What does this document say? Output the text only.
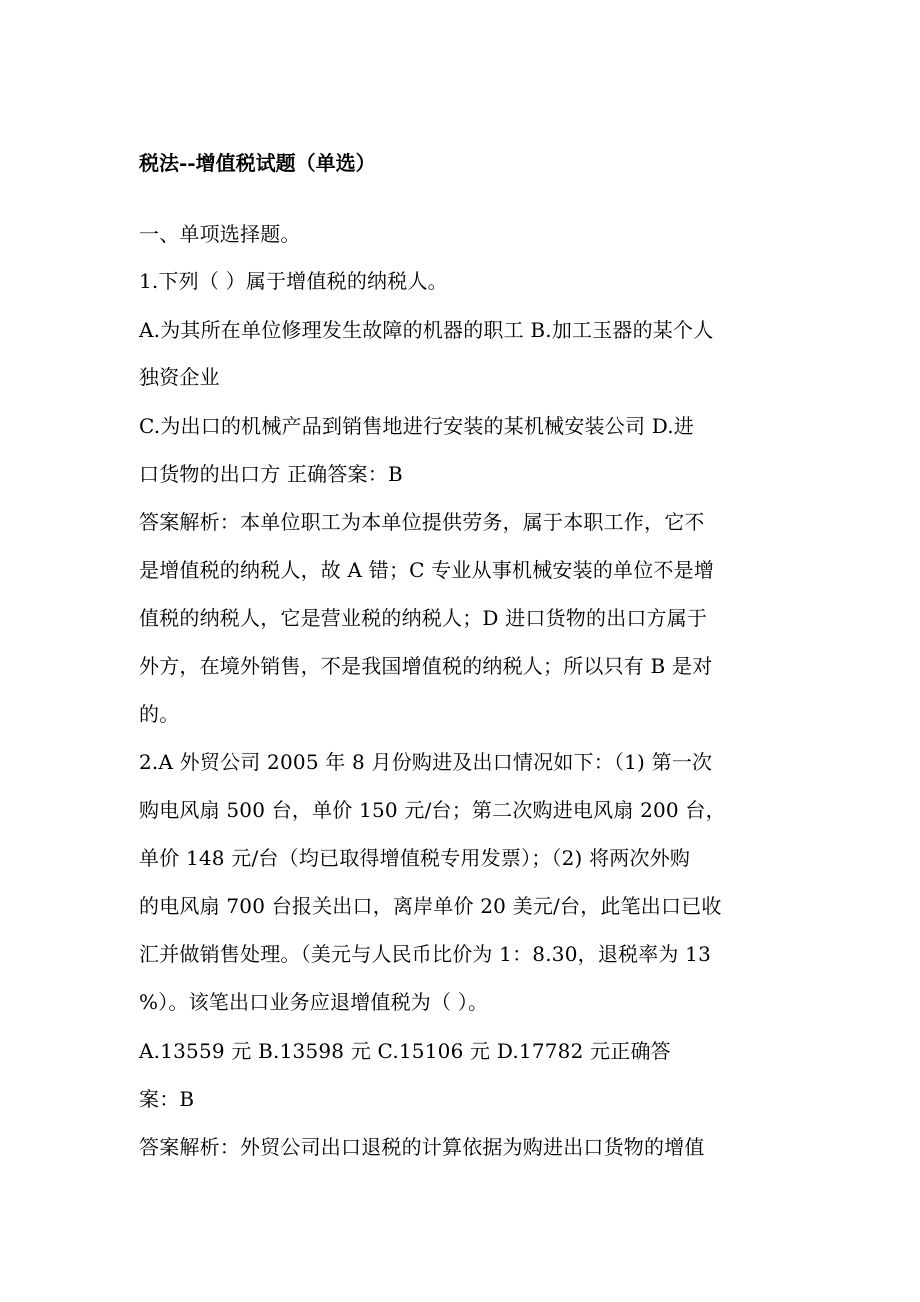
税法--增值税试题（单选）

一、单项选择题。

1.下列（ ）属于增值税的纳税人。

A.为其所在单位修理发生故障的机器的职工 B.加工玉器的某个人

独资企业

C.为出口的机械产品到销售地进行安装的某机械安装公司 D.进

口货物的出口方 正确答案：B

答案解析：本单位职工为本单位提供劳务，属于本职工作，它不

是增值税的纳税人，故 A 错；C 专业从事机械安装的单位不是增

值税的纳税人，它是营业税的纳税人；D 进口货物的出口方属于

外方，在境外销售，不是我国增值税的纳税人；所以只有 B 是对

的。

2.A 外贸公司 2005 年 8 月份购进及出口情况如下：（1) 第一次

购电风扇 500 台，单价 150 元/台；第二次购进电风扇 200 台，

单价 148 元/台（均已取得增值税专用发票）；（2) 将两次外购

的电风扇 700 台报关出口，离岸单价 20 美元/台，此笔出口已收

汇并做销售处理。（美元与人民币比价为 1：8.30，退税率为 13

%）。该笔出口业务应退增值税为（ ）。

A.13559 元 B.13598 元 C.15106 元 D.17782 元正确答

案：B

答案解析：外贸公司出口退税的计算依据为购进出口货物的增值
